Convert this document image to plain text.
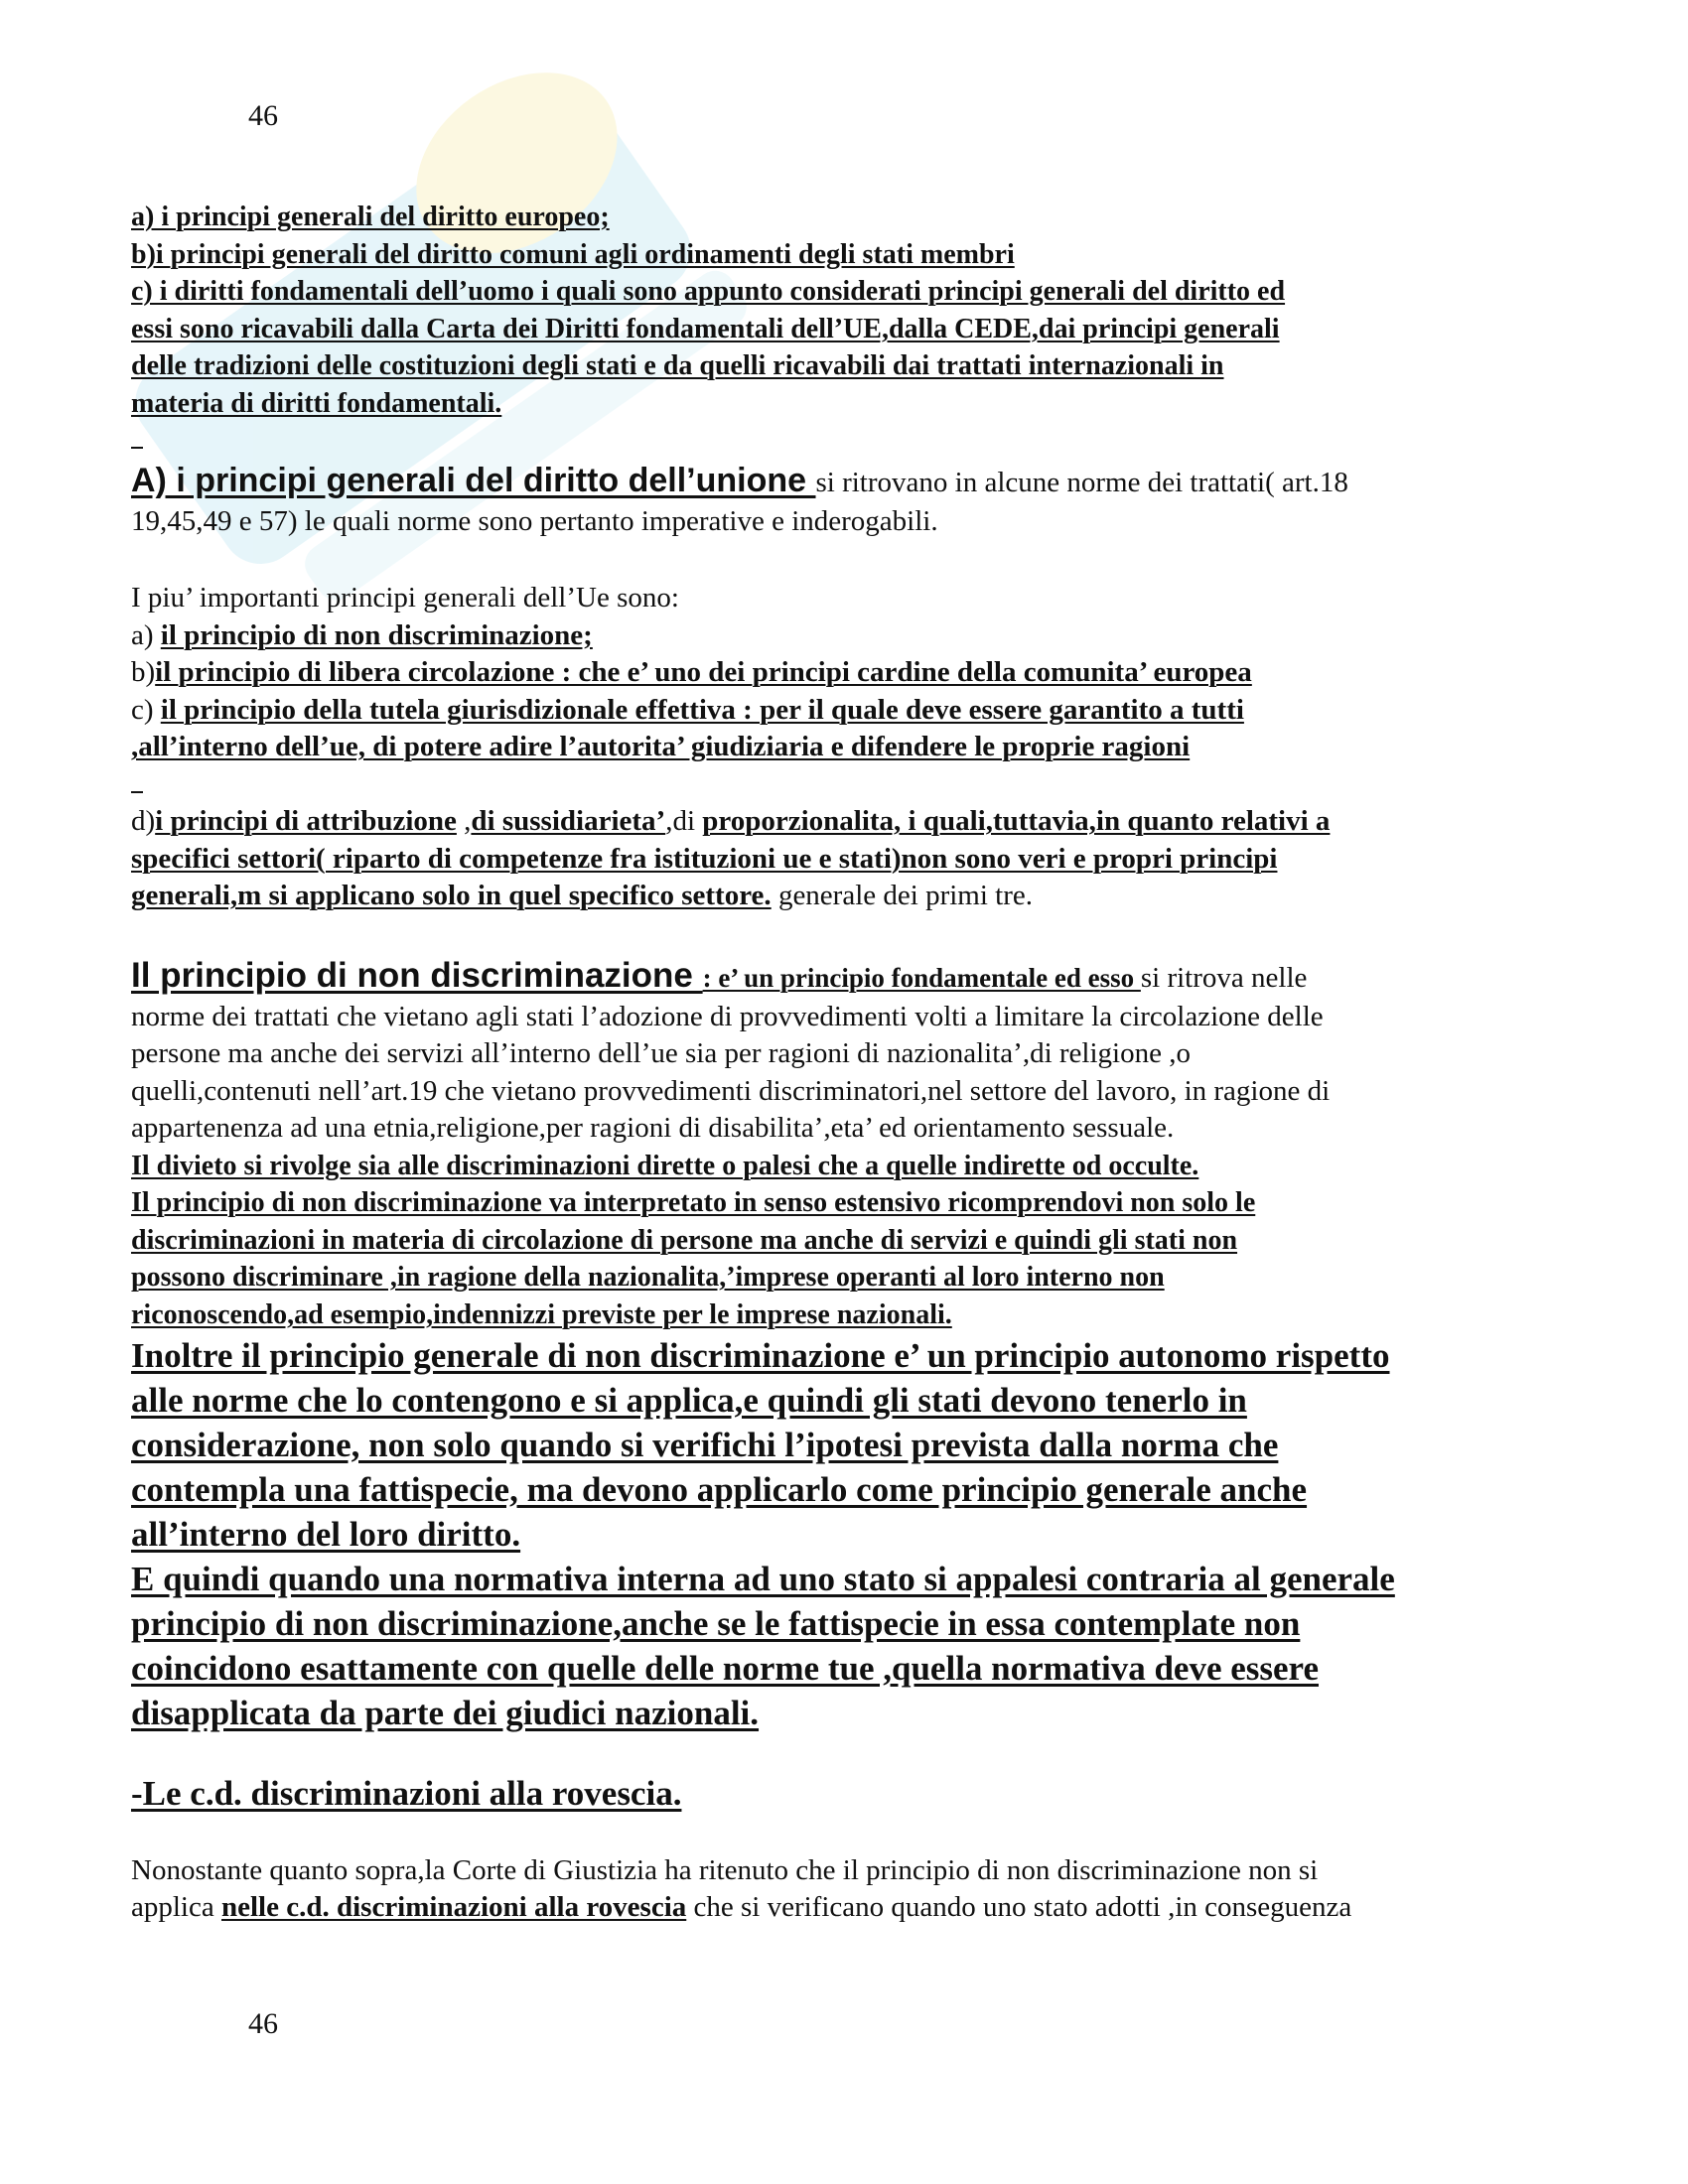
46
a) i principi generali del diritto europeo;
b)i principi generali del diritto comuni agli ordinamenti degli stati membri
c) i diritti fondamentali dell’uomo i quali sono appunto considerati principi generali del diritto ed
essi sono ricavabili dalla Carta dei Diritti fondamentali dell’UE,dalla CEDE,dai principi generali
delle tradizioni delle costituzioni degli stati e da quelli ricavabili dai trattati internazionali in
materia di diritti fondamentali.
A) i principi generali del diritto dell’unione si ritrovano in alcune norme dei trattati( art.18
19,45,49 e 57) le quali norme sono pertanto imperative e inderogabili.
I piu’ importanti principi generali dell’Ue sono:
a) il principio di non discriminazione;
b)il principio di libera circolazione : che e’ uno dei principi cardine della comunita’ europea
c) il principio della tutela giurisdizionale effettiva : per il quale deve essere garantito a tutti
,all’interno dell’ue, di potere adire l’autorita’ giudiziaria e difendere le proprie ragioni
d)i principi di attribuzione ,di sussidiarieta’,di proporzionalita, i quali,tuttavia,in quanto relativi a
specifici settori( riparto di competenze fra istituzioni ue e stati)non sono veri e propri principi
generali,m si applicano solo in quel specifico settore. generale dei primi tre.
Il principio di non discriminazione : e’ un principio fondamentale ed esso si ritrova nelle
norme dei trattati che vietano agli stati l’adozione di provvedimenti volti a limitare la circolazione delle
persone ma anche dei servizi all’interno dell’ue sia per ragioni di nazionalita’,di religione ,o
quelli,contenuti nell’art.19 che vietano provvedimenti discriminatori,nel settore del lavoro, in ragione di
appartenenza ad una etnia,religione,per ragioni di disabilita’,eta’ ed orientamento sessuale.
Il divieto si rivolge sia alle discriminazioni dirette o palesi che a quelle indirette od occulte.
Il principio di non discriminazione va interpretato in senso estensivo ricomprendovi non solo le
discriminazioni in materia di circolazione di persone ma anche di servizi e quindi gli stati non
possono discriminare ,in ragione della nazionalita,’imprese operanti al loro interno non
riconoscendo,ad esempio,indennizzi previste per le imprese nazionali.
Inoltre il principio generale di non discriminazione e’ un principio autonomo rispetto
alle norme che lo contengono e si applica,e quindi gli stati devono tenerlo in
considerazione, non solo quando si verifichi l’ipotesi prevista dalla norma che
contempla una fattispecie, ma devono applicarlo come principio generale anche
all’interno del loro diritto.
E quindi quando una normativa interna ad uno stato si appalesi contraria al generale
principio di non discriminazione,anche se le fattispecie in essa contemplate non
coincidono esattamente con quelle delle norme tue ,quella normativa deve essere
disapplicata da parte dei giudici nazionali.
-Le c.d. discriminazioni alla rovescia.
Nonostante quanto sopra,la Corte di Giustizia ha ritenuto che il principio di non discriminazione non si
applica nelle c.d. discriminazioni alla rovescia che si verificano quando uno stato adotti ,in conseguenza
46
